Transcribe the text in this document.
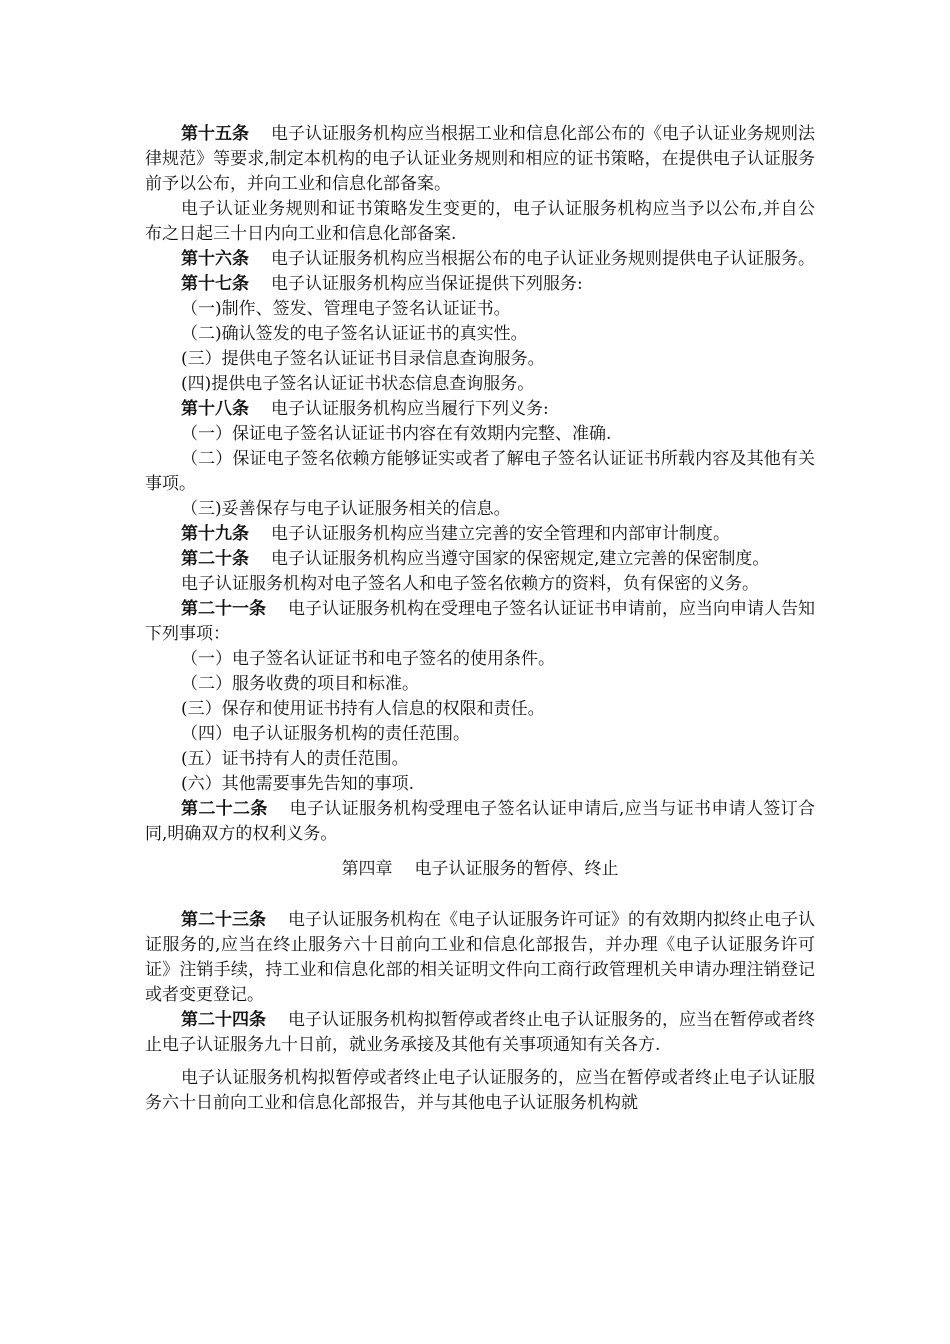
第十五条 电子认证服务机构应当根据工业和信息化部公布的《电子认证业务规则法律规范》等要求,制定本机构的电子认证业务规则和相应的证书策略，在提供电子认证服务前予以公布，并向工业和信息化部备案。

电子认证业务规则和证书策略发生变更的，电子认证服务机构应当予以公布,并自公布之日起三十日内向工业和信息化部备案.

第十六条 电子认证服务机构应当根据公布的电子认证业务规则提供电子认证服务。

第十七条 电子认证服务机构应当保证提供下列服务:

（一)制作、签发、管理电子签名认证证书。

（二)确认签发的电子签名认证证书的真实性。

(三）提供电子签名认证证书目录信息查询服务。

(四)提供电子签名认证证书状态信息查询服务。

第十八条 电子认证服务机构应当履行下列义务:

（一）保证电子签名认证证书内容在有效期内完整、准确.

（二）保证电子签名依赖方能够证实或者了解电子签名认证证书所载内容及其他有关事项。

（三)妥善保存与电子认证服务相关的信息。

第十九条 电子认证服务机构应当建立完善的安全管理和内部审计制度。

第二十条 电子认证服务机构应当遵守国家的保密规定,建立完善的保密制度。

电子认证服务机构对电子签名人和电子签名依赖方的资料，负有保密的义务。

第二十一条 电子认证服务机构在受理电子签名认证证书申请前，应当向申请人告知下列事项：

（一）电子签名认证证书和电子签名的使用条件。

（二）服务收费的项目和标准。

(三）保存和使用证书持有人信息的权限和责任。

（四）电子认证服务机构的责任范围。

(五）证书持有人的责任范围。

(六）其他需要事先告知的事项.

第二十二条 电子认证服务机构受理电子签名认证申请后,应当与证书申请人签订合同,明确双方的权利义务。

第四章 电子认证服务的暂停、终止

第二十三条 电子认证服务机构在《电子认证服务许可证》的有效期内拟终止电子认证服务的,应当在终止服务六十日前向工业和信息化部报告，并办理《电子认证服务许可证》注销手续，持工业和信息化部的相关证明文件向工商行政管理机关申请办理注销登记或者变更登记。

第二十四条 电子认证服务机构拟暂停或者终止电子认证服务的，应当在暂停或者终止电子认证服务九十日前，就业务承接及其他有关事项通知有关各方.

电子认证服务机构拟暂停或者终止电子认证服务的，应当在暂停或者终止电子认证服务六十日前向工业和信息化部报告，并与其他电子认证服务机构就
